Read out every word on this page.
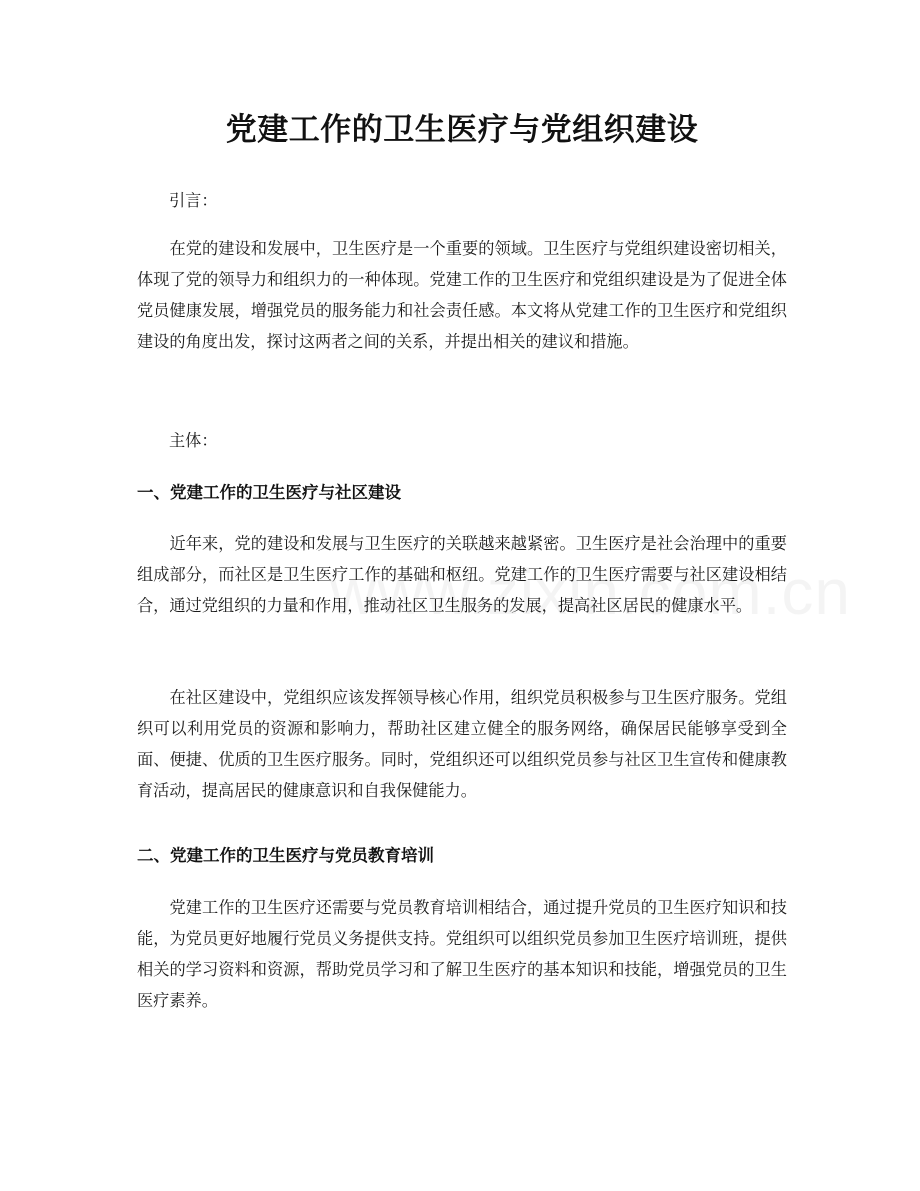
党建工作的卫生医疗与党组织建设

引言：

在党的建设和发展中，卫生医疗是一个重要的领域。卫生医疗与党组织建设密切相关，体现了党的领导力和组织力的一种体现。党建工作的卫生医疗和党组织建设是为了促进全体党员健康发展，增强党员的服务能力和社会责任感。本文将从党建工作的卫生医疗和党组织建设的角度出发，探讨这两者之间的关系，并提出相关的建议和措施。

主体：

一、党建工作的卫生医疗与社区建设

近年来，党的建设和发展与卫生医疗的关联越来越紧密。卫生医疗是社会治理中的重要组成部分，而社区是卫生医疗工作的基础和枢纽。党建工作的卫生医疗需要与社区建设相结合，通过党组织的力量和作用，推动社区卫生服务的发展，提高社区居民的健康水平。

在社区建设中，党组织应该发挥领导核心作用，组织党员积极参与卫生医疗服务。党组织可以利用党员的资源和影响力，帮助社区建立健全的服务网络，确保居民能够享受到全面、便捷、优质的卫生医疗服务。同时，党组织还可以组织党员参与社区卫生宣传和健康教育活动，提高居民的健康意识和自我保健能力。

二、党建工作的卫生医疗与党员教育培训

党建工作的卫生医疗还需要与党员教育培训相结合，通过提升党员的卫生医疗知识和技能，为党员更好地履行党员义务提供支持。党组织可以组织党员参加卫生医疗培训班，提供相关的学习资料和资源，帮助党员学习和了解卫生医疗的基本知识和技能，增强党员的卫生医疗素养。
